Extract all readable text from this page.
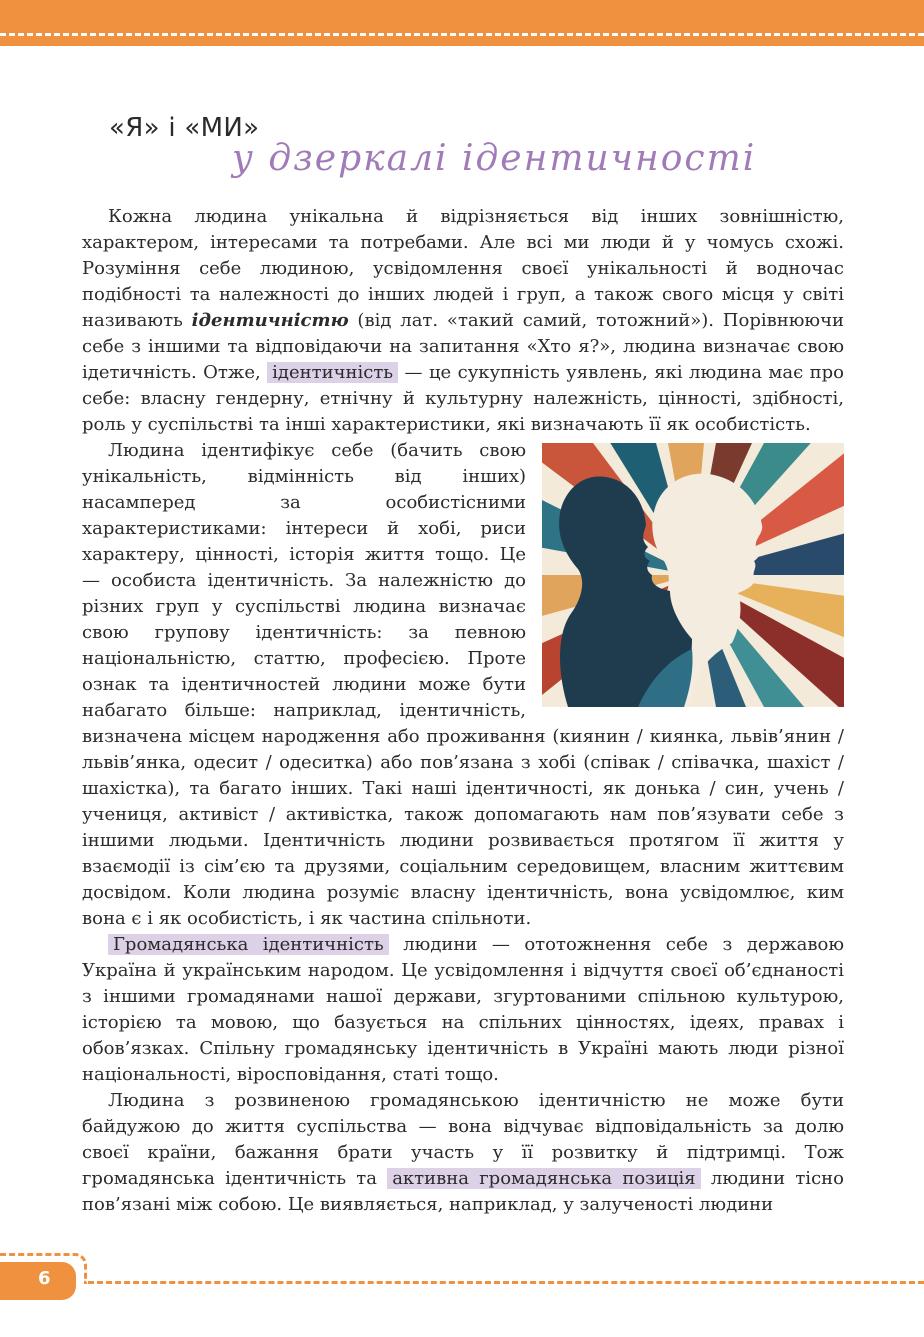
«Я» і «МИ»
у дзеркалі ідентичності

Кожна людина унікальна й відрізняється від інших зовнішністю, характером, інтересами та потребами. Але всі ми люди й у чомусь схожі. Розуміння себе людиною, усвідомлення своєї унікальності й водночас подібності та належності до інших людей і груп, а також свого місця у світі називають ідентичністю (від лат. «такий самий, тотожний»). Порівнюючи себе з іншими та відповідаючи на запитання «Хто я?», людина визначає свою ідетичність. Отже, ідентичність — це сукупність уявлень, які людина має про себе: власну гендерну, етнічну й культурну належність, цінності, здібності, роль у суспільстві та інші характеристики, які визначають її як особистість.

Людина ідентифікує себе (бачить свою унікальність, відмінність від інших) насамперед за особистісними характеристиками: інтереси й хобі, риси характеру, цінності, історія життя тощо. Це — особиста ідентичність. За належністю до різних груп у суспільстві людина визначає свою групову ідентичність: за певною національністю, статтю, професією. Проте ознак та ідентичностей людини може бути набагато більше: наприклад, ідентичність, визначена місцем народження або проживання (киянин / киянка, львів’янин / львів’янка, одесит / одеситка) або пов’язана з хобі (співак / співачка, шахіст / шахістка), та багато інших. Такі наші ідентичності, як донька / син, учень / учениця, активіст / активістка, також допомагають нам пов’язувати себе з іншими людьми. Ідентичність людини розвивається протягом її життя у взаємодії із сім’єю та друзями, соціальним середовищем, власним життєвим досвідом. Коли людина розуміє власну ідентичність, вона усвідомлює, ким вона є і як особистість, і як частина спільноти.

Громадянська ідентичність людини — ототожнення себе з державою Україна й українським народом. Це усвідомлення і відчуття своєї об’єднаності з іншими громадянами нашої держави, згуртованими спільною культурою, історією та мовою, що базується на спільних цінностях, ідеях, правах і обов’язках. Спільну громадянську ідентичність в Україні мають люди різної національності, віросповідання, статі тощо.

Людина з розвиненою громадянською ідентичністю не може бути байдужою до життя суспільства — вона відчуває відповідальність за долю своєї країни, бажання брати участь у її розвитку й підтримці. Тож громадянська ідентичність та активна громадянська позиція людини тісно пов’язані між собою. Це виявляється, наприклад, у залученості людини

6
